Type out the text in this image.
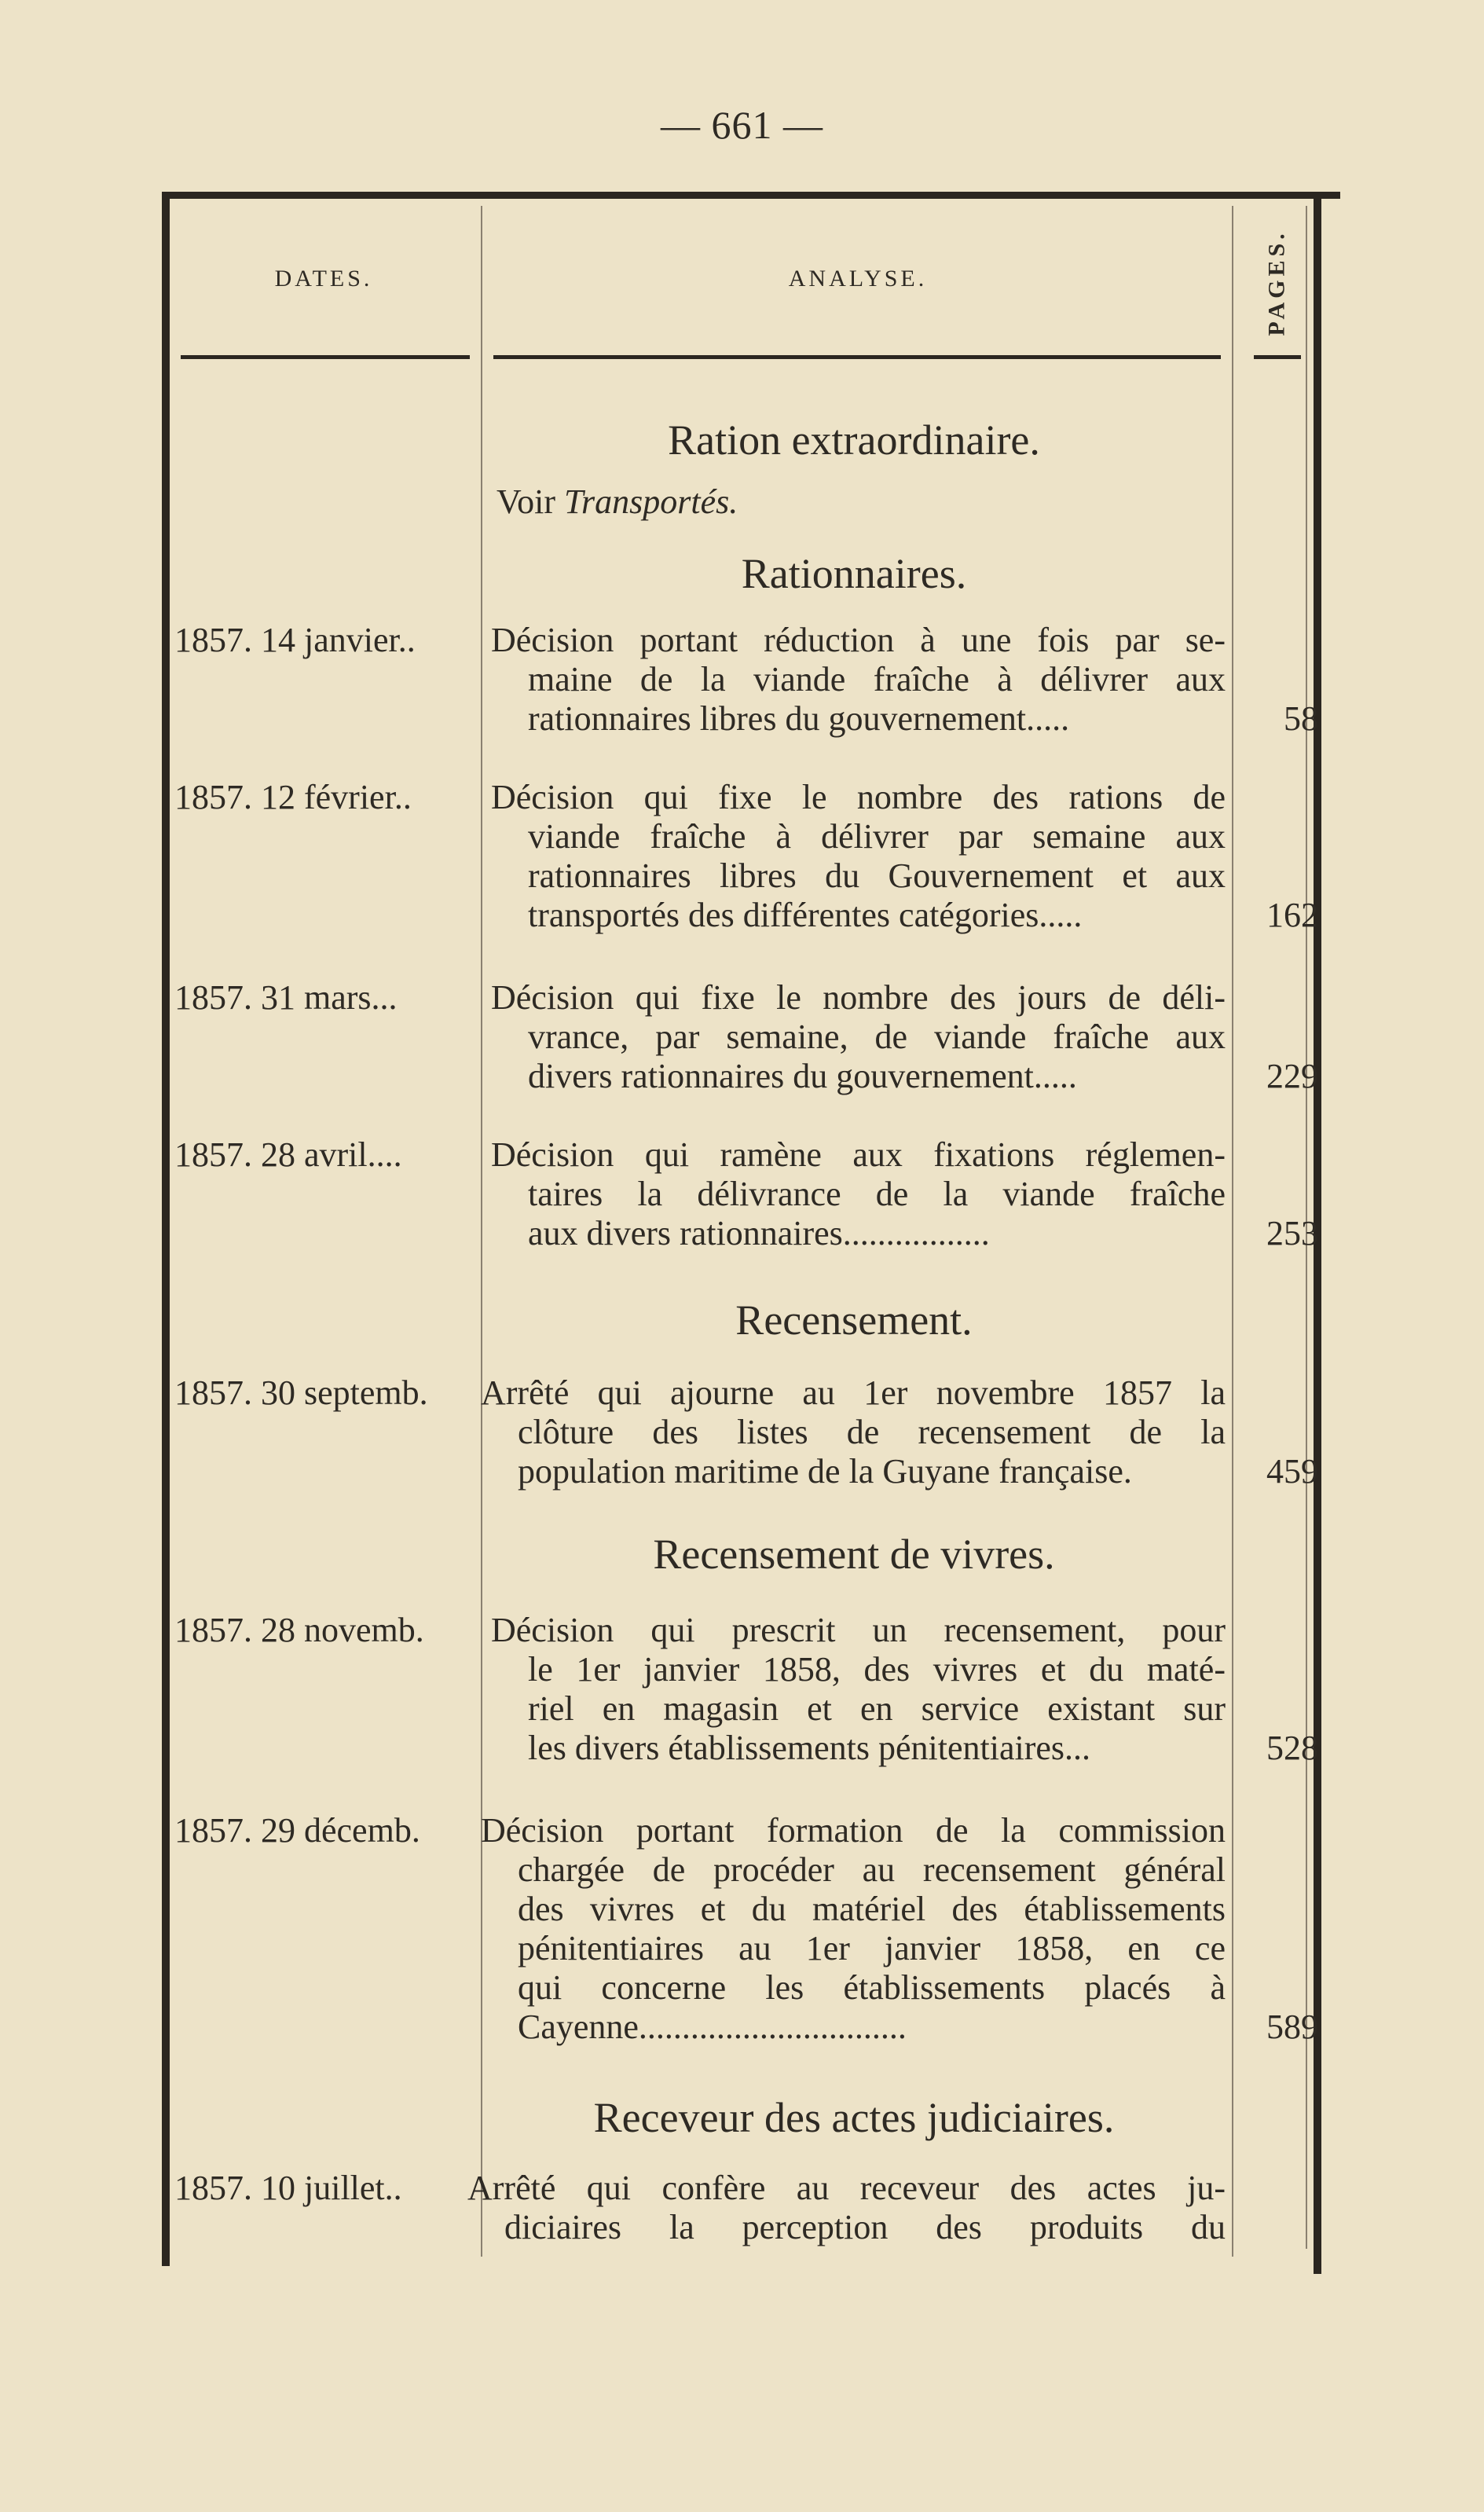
— 661 —
DATES.	ANALYSE.	PAGES.
Ration extraordinaire.
Voir Transportés.
Rationnaires.
1857. 14 janvier..	Décision portant réduction à une fois par se-
maine de la viande fraîche à délivrer aux
rationnaires libres du gouvernement.....	58
1857. 12 février..	Décision qui fixe le nombre des rations de
viande fraîche à délivrer par semaine aux
rationnaires libres du Gouvernement et aux
transportés des différentes catégories.....	162
1857. 31 mars...	Décision qui fixe le nombre des jours de déli-
vrance, par semaine, de viande fraîche aux
divers rationnaires du gouvernement.....	229
1857. 28 avril....	Décision qui ramène aux fixations réglemen-
taires la délivrance de la viande fraîche
aux divers rationnaires.................	253
Recensement.
1857. 30 septemb.	Arrêté qui ajourne au 1er novembre 1857 la
clôture des listes de recensement de la
population maritime de la Guyane française.	459
Recensement de vivres.
1857. 28 novemb.	Décision qui prescrit un recensement, pour
le 1er janvier 1858, des vivres et du maté-
riel en magasin et en service existant sur
les divers établissements pénitentiaires...	528
1857. 29 décemb.	Décision portant formation de la commission
chargée de procéder au recensement général
des vivres et du matériel des établissements
pénitentiaires au 1er janvier 1858, en ce
qui concerne les établissements placés à
Cayenne...............................	589
Receveur des actes judiciaires.
1857. 10 juillet..	Arrêté qui confère au receveur des actes ju-
diciaires la perception des produits du
